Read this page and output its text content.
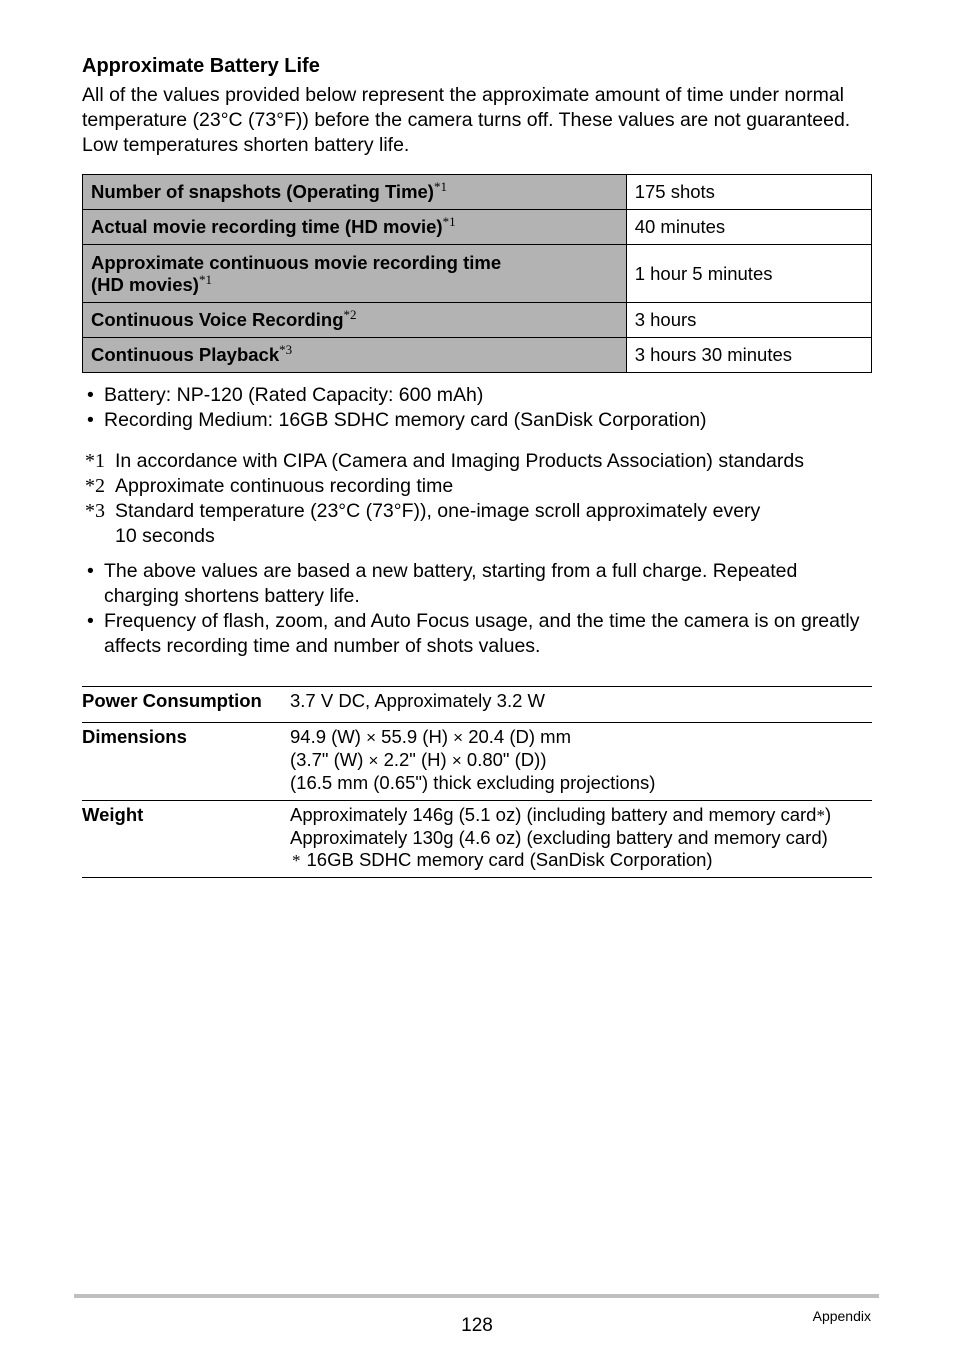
Approximate Battery Life
All of the values provided below represent the approximate amount of time under normal temperature (23°C (73°F)) before the camera turns off. These values are not guaranteed. Low temperatures shorten battery life.
Number of snapshots (Operating Time)$^{*1}$	175 shots
Actual movie recording time (HD movie)$^{*1}$	40 minutes
Approximate continuous movie recording time
(HD movies)$^{*1}$	1 hour 5 minutes
Continuous Voice Recording$^{*2}$	3 hours
Continuous Playback$^{*3}$	3 hours 30 minutes
• Battery: NP-120 (Rated Capacity: 600 mAh)
• Recording Medium: 16GB SDHC memory card (SanDisk Corporation)
*1 In accordance with CIPA (Camera and Imaging Products Association) standards
*2 Approximate continuous recording time
*3 Standard temperature (23°C (73°F)), one-image scroll approximately every
10 seconds
• The above values are based a new battery, starting from a full charge. Repeated charging shortens battery life.
• Frequency of flash, zoom, and Auto Focus usage, and the time the camera is on greatly affects recording time and number of shots values.
Power Consumption 3.7 V DC, Approximately 3.2 W
Dimensions	94.9 (W) × 55.9 (H) × 20.4 (D) mm
(3.7" (W) × 2.2" (H) × 0.80" (D))
(16.5 mm (0.65") thick excluding projections)
Weight	Approximately 146g (5.1 oz) (including battery and memory card*)
Approximately 130g (4.6 oz) (excluding battery and memory card)
* 16GB SDHC memory card (SanDisk Corporation)
128	Appendix
